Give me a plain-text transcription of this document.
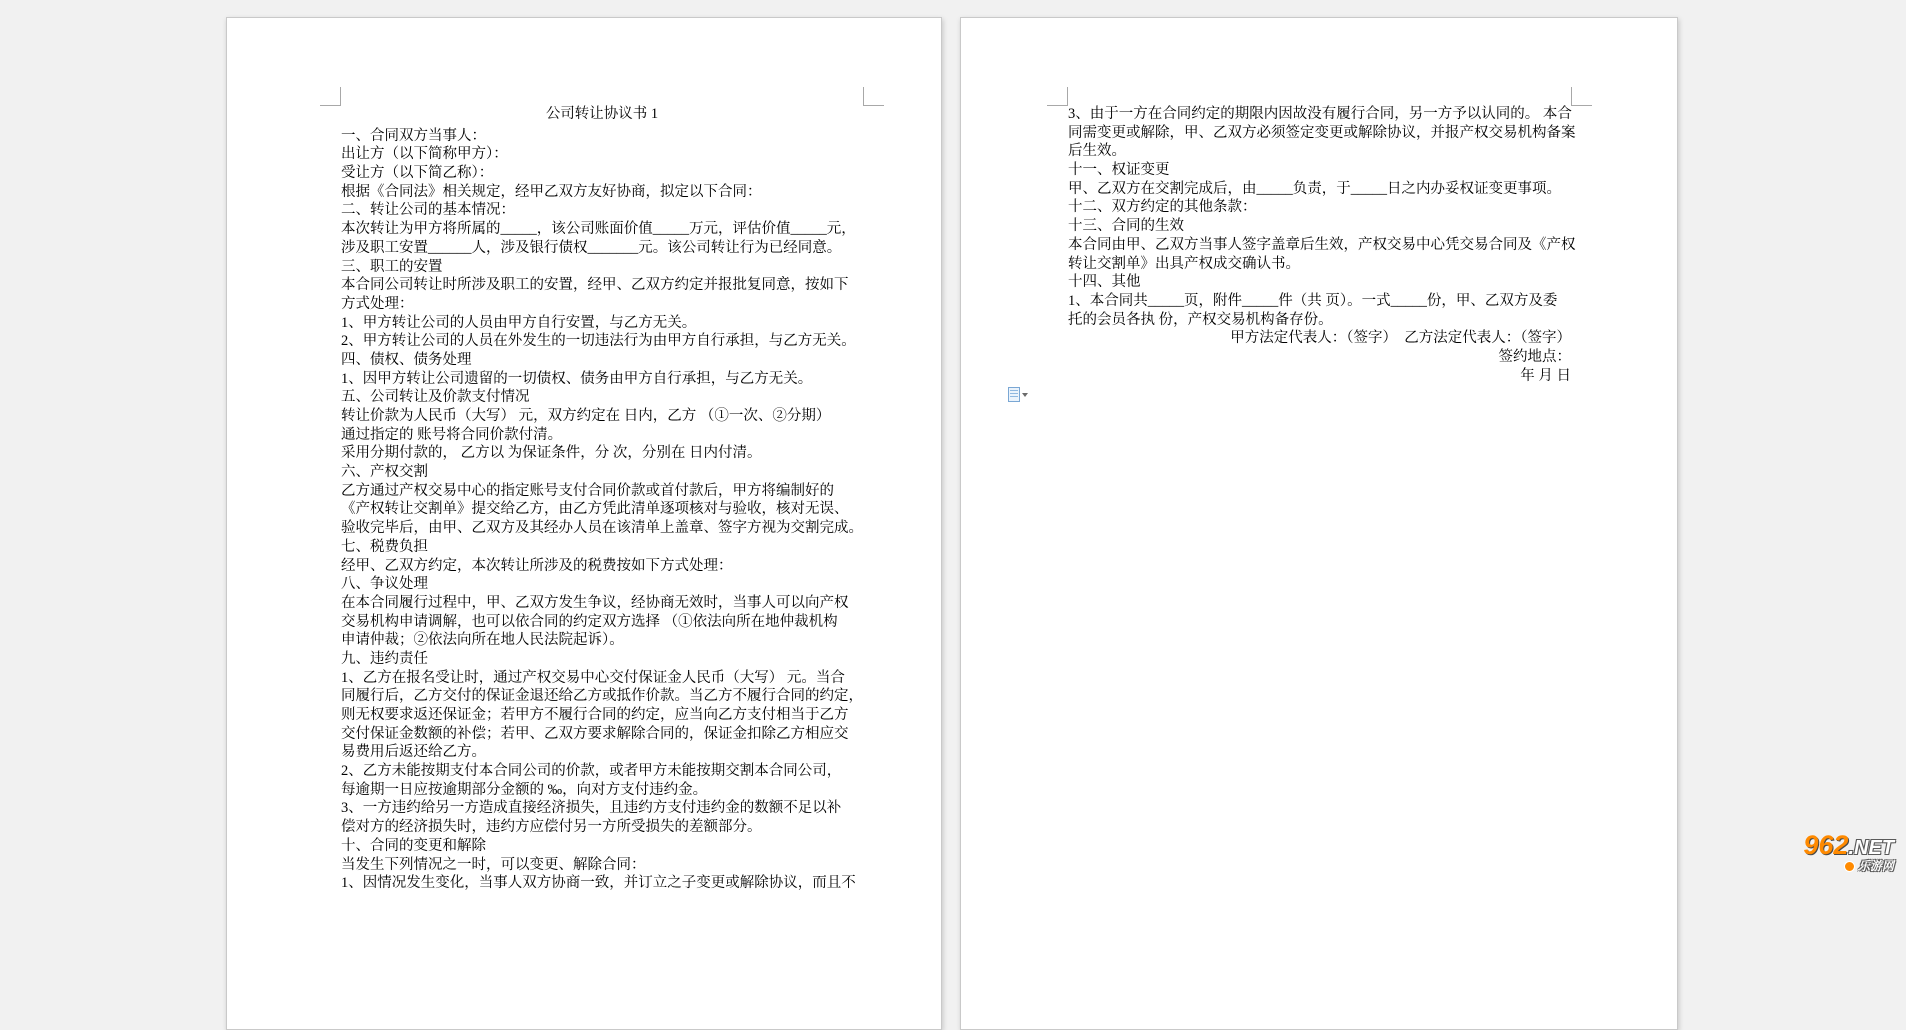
公司转让协议书 1
一、合同双方当事人：
出让方（以下简称甲方）：
受让方（以下简乙称）：
根据《合同法》相关规定，经甲乙双方友好协商，拟定以下合同：
二、转让公司的基本情况：
本次转让为甲方将所属的_____，该公司账面价值_____万元，评估价值_____元，
涉及职工安置______人，涉及银行债权_______元。该公司转让行为已经同意。
三、职工的安置
本合同公司转让时所涉及职工的安置，经甲、乙双方约定并报批复同意，按如下
方式处理：
1、甲方转让公司的人员由甲方自行安置，与乙方无关。
2、甲方转让公司的人员在外发生的一切违法行为由甲方自行承担，与乙方无关。
四、债权、债务处理
1、因甲方转让公司遗留的一切债权、债务由甲方自行承担，与乙方无关。
五、公司转让及价款支付情况
转让价款为人民币（大写） 元，双方约定在 日内，乙方 （①一次、②分期）
通过指定的 账号将合同价款付清。
采用分期付款的， 乙方以 为保证条件，分 次，分别在 日内付清。
六、产权交割
乙方通过产权交易中心的指定账号支付合同价款或首付款后，甲方将编制好的
《产权转让交割单》提交给乙方，由乙方凭此清单逐项核对与验收，核对无误、
验收完毕后，由甲、乙双方及其经办人员在该清单上盖章、签字方视为交割完成。
七、税费负担
经甲、乙双方约定，本次转让所涉及的税费按如下方式处理：
八、争议处理
在本合同履行过程中，甲、乙双方发生争议，经协商无效时，当事人可以向产权
交易机构申请调解，也可以依合同的约定双方选择 （①依法向所在地仲裁机构
申请仲裁；②依法向所在地人民法院起诉）。
九、违约责任
1、乙方在报名受让时，通过产权交易中心交付保证金人民币（大写） 元。当合
同履行后，乙方交付的保证金退还给乙方或抵作价款。当乙方不履行合同的约定，
则无权要求返还保证金；若甲方不履行合同的约定，应当向乙方支付相当于乙方
交付保证金数额的补偿；若甲、乙双方要求解除合同的，保证金扣除乙方相应交
易费用后返还给乙方。
2、乙方未能按期支付本合同公司的价款，或者甲方未能按期交割本合同公司，
每逾期一日应按逾期部分金额的 ‰，向对方支付违约金。
3、一方违约给另一方造成直接经济损失，且违约方支付违约金的数额不足以补
偿对方的经济损失时，违约方应偿付另一方所受损失的差额部分。
十、合同的变更和解除
当发生下列情况之一时，可以变更、解除合同：
1、因情况发生变化，当事人双方协商一致，并订立之子变更或解除协议，而且不
3、由于一方在合同约定的期限内因故没有履行合同，另一方予以认同的。 本合
同需变更或解除，甲、乙双方必须签定变更或解除协议，并报产权交易机构备案
后生效。
十一、权证变更
甲、乙双方在交割完成后，由_____负责，于_____日之内办妥权证变更事项。
十二、双方约定的其他条款：
十三、合同的生效
本合同由甲、乙双方当事人签字盖章后生效，产权交易中心凭交易合同及《产权
转让交割单》出具产权成交确认书。
十四、其他
1、本合同共_____页，附件_____件（共 页）。一式_____份，甲、乙双方及委
托的会员各执 份，产权交易机构备存份。
甲方法定代表人：（签字）　乙方法定代表人：（签字）
签约地点：
年 月 日
962.NET
乐游网
